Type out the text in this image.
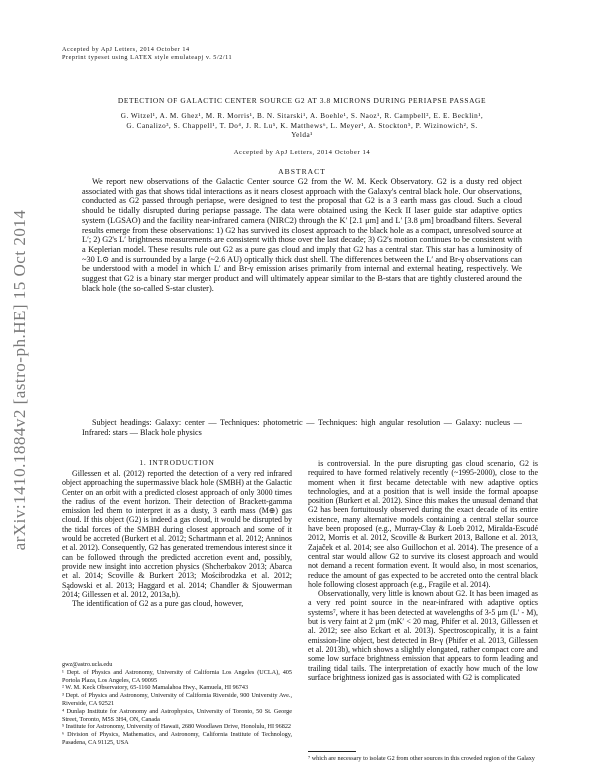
Accepted by ApJ Letters, 2014 October 14
Preprint typeset using LATEX style emulateapj v. 5/2/11
arXiv:1410.1884v2 [astro-ph.HE] 15 Oct 2014
DETECTION OF GALACTIC CENTER SOURCE G2 AT 3.8 MICRONS DURING PERIAPSE PASSAGE
G. Witzel¹, A. M. Ghez¹, M. R. Morris¹, B. N. Sitarski¹, A. Boehle¹, S. Naoz¹, R. Campbell², E. E. Becklin¹,
G. Canalizo³, S. Chappell¹, T. Do⁴, J. R. Lu⁵, K. Matthews⁶, L. Meyer¹, A. Stockton⁵, P. Wizinowich², S.
Yelda¹
Accepted by ApJ Letters, 2014 October 14
ABSTRACT
We report new observations of the Galactic Center source G2 from the W. M. Keck Observatory. G2 is a dusty red object associated with gas that shows tidal interactions as it nears closest approach with the Galaxy's central black hole. Our observations, conducted as G2 passed through periapse, were designed to test the proposal that G2 is a 3 earth mass gas cloud. Such a cloud should be tidally disrupted during periapse passage. The data were obtained using the Keck II laser guide star adaptive optics system (LGSAO) and the facility near-infrared camera (NIRC2) through the K′ [2.1 μm] and L′ [3.8 μm] broadband filters. Several results emerge from these observations: 1) G2 has survived its closest approach to the black hole as a compact, unresolved source at L′; 2) G2's L′ brightness measurements are consistent with those over the last decade; 3) G2's motion continues to be consistent with a Keplerian model. These results rule out G2 as a pure gas cloud and imply that G2 has a central star. This star has a luminosity of ~30 L⊙ and is surrounded by a large (~2.6 AU) optically thick dust shell. The differences between the L′ and Br-γ observations can be understood with a model in which L′ and Br-γ emission arises primarily from internal and external heating, respectively. We suggest that G2 is a binary star merger product and will ultimately appear similar to the B-stars that are tightly clustered around the black hole (the so-called S-star cluster).
Subject headings: Galaxy: center — Techniques: photometric — Techniques: high angular resolution — Galaxy: nucleus — Infrared: stars — Black hole physics
1. INTRODUCTION

Gillessen et al. (2012) reported the detection of a very red infrared object approaching the supermassive black hole (SMBH) at the Galactic Center on an orbit with a predicted closest approach of only 3000 times the radius of the event horizon. Their detection of Brackett-gamma emission led them to interpret it as a dusty, 3 earth mass (M⊕) gas cloud. If this object (G2) is indeed a gas cloud, it would be disrupted by the tidal forces of the SMBH during closest approach and some of it would be accreted (Burkert et al. 2012; Schartmann et al. 2012; Anninos et al. 2012). Consequently, G2 has generated tremendous interest since it can be followed through the predicted accretion event and, possibly, provide new insight into accretion physics (Shcherbakov 2013; Abarca et al. 2014; Scoville & Burkert 2013; Mościbrodzka et al. 2012; Sądowski et al. 2013; Haggard et al. 2014; Chandler & Sjouwerman 2014; Gillessen et al. 2012, 2013a,b).

The identification of G2 as a pure gas cloud, however,

is controversial. In the pure disrupting gas cloud scenario, G2 is required to have formed relatively recently (~1995-2000), close to the moment when it first became detectable with new adaptive optics technologies, and at a position that is well inside the formal apoapse position (Burkert et al. 2012). Since this makes the unusual demand that G2 has been fortuitously observed during the exact decade of its entire existence, many alternative models containing a central stellar source have been proposed (e.g., Murray-Clay & Loeb 2012, Miralda-Escudé 2012, Morris et al. 2012, Scoville & Burkert 2013, Ballone et al. 2013, Zajaček et al. 2014; see also Guillochon et al. 2014). The presence of a central star would allow G2 to survive its closest approach and would not demand a recent formation event. It would also, in most scenarios, reduce the amount of gas expected to be accreted onto the central black hole following closest approach (e.g., Fragile et al. 2014).

Observationally, very little is known about G2. It has been imaged as a very red point source in the near-infrared with adaptive optics systems⁷, where it has been detected at wavelengths of 3-5 μm (L′ - M), but is very faint at 2 μm (mK′ < 20 mag, Phifer et al. 2013, Gillessen et al. 2012; see also Eckart et al. 2013). Spectroscopically, it is a faint emission-line object, best detected in Br-γ (Phifer et al. 2013, Gillessen et al. 2013b), which shows a slightly elongated, rather compact core and some low surface brightness emission that appears to form leading and trailing tidal tails. The interpretation of exactly how much of the low surface brightness ionized gas is associated with G2 is complicated

gwz@astro.ucla.edu

¹ Dept. of Physics and Astronomy, University of California Los Angeles (UCLA), 405 Portola Plaza, Los Angeles, CA 90095

² W. M. Keck Observatory, 65-1160 Mamalahoa Hwy., Kamuela, HI 96743

³ Dept. of Physics and Astronomy, University of California Riverside, 900 University Ave., Riverside, CA 92521

⁴ Dunlap Institute for Astronomy and Astrophysics, University of Toronto, 50 St. George Street, Toronto, M5S 3H4, ON, Canada

⁵ Institute for Astronomy, University of Hawaii, 2680 Woodlawn Drive, Honolulu, HI 96822

⁶ Division of Physics, Mathematics, and Astronomy, California Institute of Technology, Pasadena, CA 91125, USA

⁷ which are necessary to isolate G2 from other sources in this crowded region of the Galaxy
